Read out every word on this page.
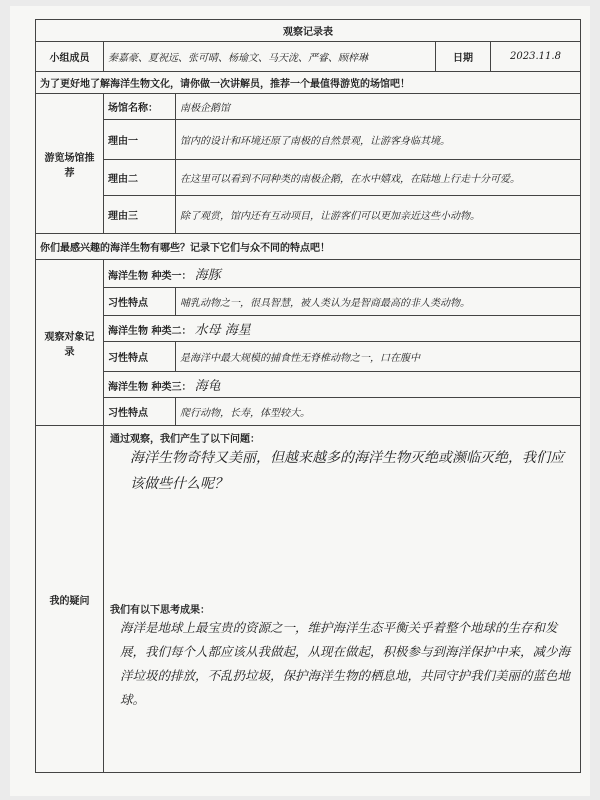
观察记录表				
小组成员	秦嘉豪、夏祝远、张可晴、杨瑜文、马天泷、严睿、顾梓琳		日期	2023.11.8
为了更好地了解海洋生物文化，请你做一次讲解员，推荐一个最值得游览的场馆吧！				
游览场馆推荐	场馆名称：	南极企鹅馆		
	理由一	馆内的设计和环境还原了南极的自然景观，让游客身临其境。		
	理由二	在这里可以看到不同种类的南极企鹅，在水中嬉戏，在陆地上行走十分可爱。		
	理由三	除了观赏，馆内还有互动项目，让游客们可以更加亲近这些小动物。		
你们最感兴趣的海洋生物有哪些？记录下它们与众不同的特点吧！				
观察对象记录	海洋生物 种类一： 海豚			
	习性特点	哺乳动物之一，很具智慧，被人类认为是智商最高的非人类动物。		
	海洋生物 种类二： 水母 海星			
	习性特点	是海洋中最大规模的捕食性无脊椎动物之一，口在腹中		
	海洋生物 种类三： 海龟			
	习性特点	爬行动物，长寿，体型较大。		
我的疑问	通过观察，我们产生了以下问题：
海洋生物奇特又美丽，但越来越多的海洋生物灭绝或濒临灭绝，我们应该做些什么呢？
我们有以下思考成果：
海洋是地球上最宝贵的资源之一，维护海洋生态平衡关乎着整个地球的生存和发展，我们每个人都应该从我做起，从现在做起，积极参与到海洋保护中来，减少海洋垃圾的排放，不乱扔垃圾，保护海洋生物的栖息地，共同守护我们美丽的蓝色地球。			
